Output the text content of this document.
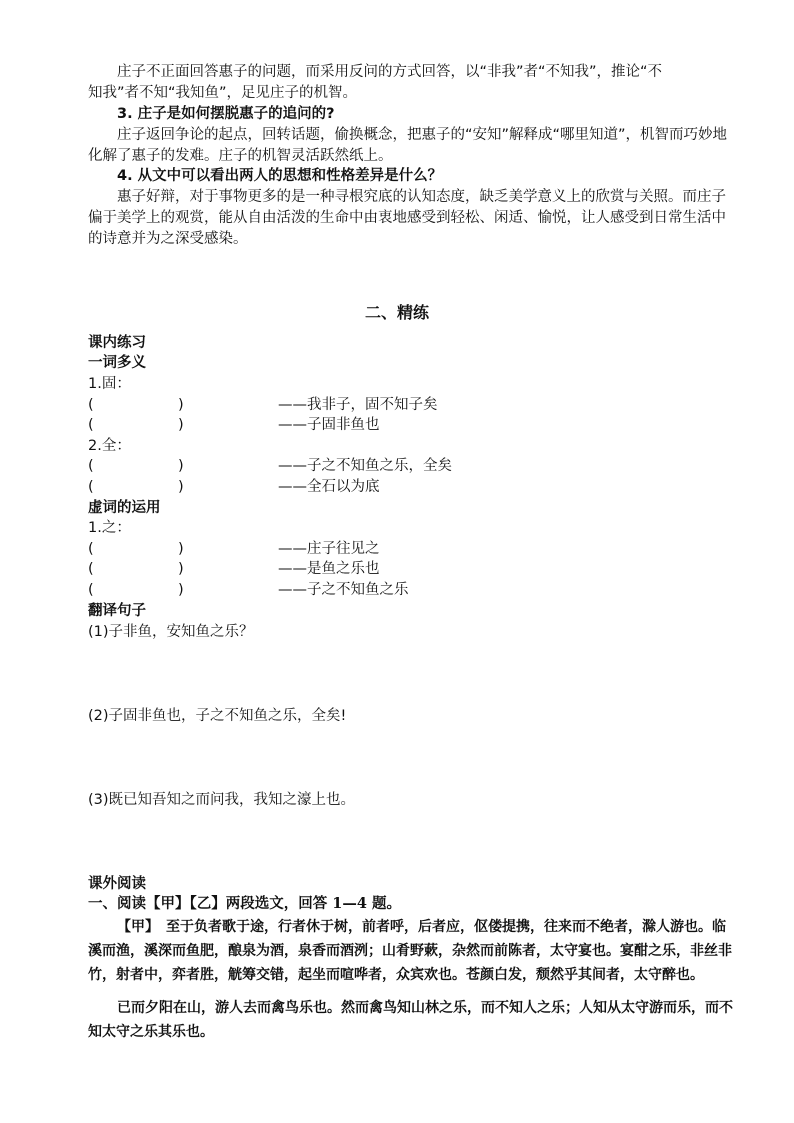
庄子不正面回答惠子的问题，而采用反问的方式回答，以“非我”者“不知我”，推论“不
知我”者不知“我知鱼”，足见庄子的机智。
3. 庄子是如何摆脱惠子的追问的?
庄子返回争论的起点，回转话题，偷换概念，把惠子的“安知”解释成“哪里知道”，机智而巧妙地化解了惠子的发难。庄子的机智灵活跃然纸上。
4. 从文中可以看出两人的思想和性格差异是什么？
惠子好辩，对于事物更多的是一种寻根究底的认知态度，缺乏美学意义上的欣赏与关照。而庄子偏于美学上的观赏，能从自由活泼的生命中由衷地感受到轻松、闲适、愉悦，让人感受到日常生活中的诗意并为之深受感染。
二、精练
课内练习
一词多义
1.固：
(	)	——我非子，固不知子矣
(	)	——子固非鱼也
2.全：
(	)	——子之不知鱼之乐，全矣
(	)	——全石以为底
虚词的运用
1.之：
(	)	——庄子往见之
(	)	——是鱼之乐也
(	)	——子之不知鱼之乐
翻译句子
(1)子非鱼，安知鱼之乐？
(2)子固非鱼也，子之不知鱼之乐，全矣!
(3)既已知吾知之而问我，我知之濠上也。
课外阅读
一、阅读【甲】【乙】两段选文，回答 1—4 题。
【甲】　 至于负者歌于途，行者休于树，前者呼，后者应，伛偻提携，往来而不绝者，滁人游也。临溪而渔，溪深而鱼肥，酿泉为酒，泉香而酒洌；山肴野蔌，杂然而前陈者，太守宴也。宴酣之乐，非丝非竹，射者中，弈者胜，觥筹交错，起坐而喧哗者，众宾欢也。苍颜白发，颓然乎其间者，太守醉也。
已而夕阳在山，游人去而禽鸟乐也。然而禽鸟知山林之乐，而不知人之乐；人知从太守游而乐，而不知太守之乐其乐也。
